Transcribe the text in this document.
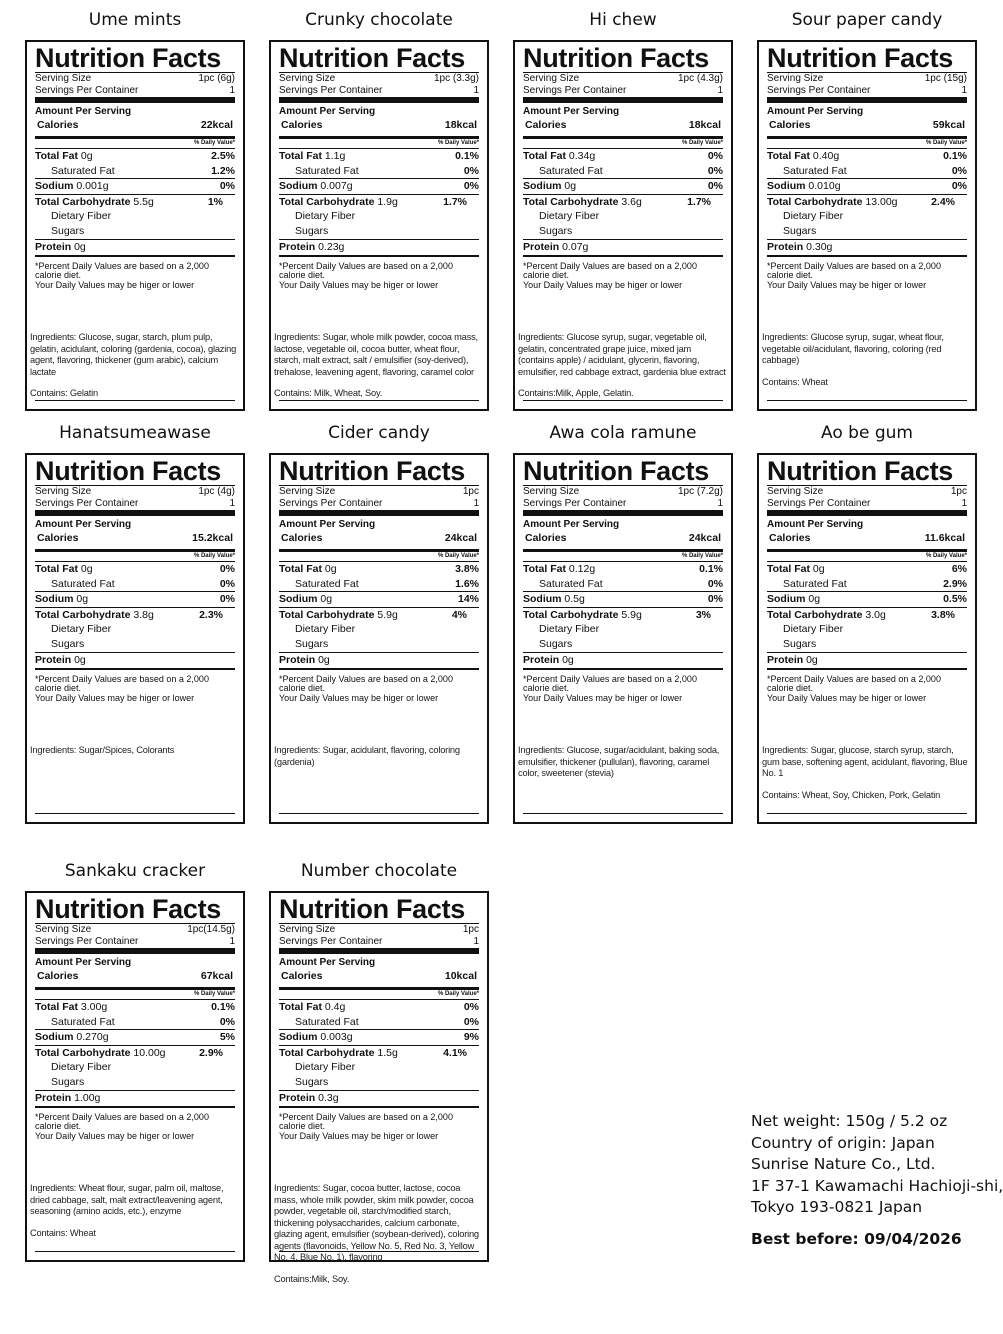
Ume mints
Nutrition Facts
Serving Size	1pc (6g)
Servings Per Container	1
Amount Per Serving
Calories	22kcal
% Daily Value*
Total Fat 0g	2.5%
Saturated Fat	1.2%
Sodium 0.001g	0%
Total Carbohydrate 5.5g	1%
Dietary Fiber
Sugars
Protein 0g
*Percent Daily Values are based on a 2,000
calorie diet.
Your Daily Values may be higer or lower
Ingredients: Glucose, sugar, starch, plum pulp, gelatin, acidulant, coloring (gardenia, cocoa), glazing agent, flavoring, thickener (gum arabic), calcium lactate
Contains: Gelatin
Crunky chocolate
Nutrition Facts
Serving Size	1pc (3.3g)
Servings Per Container	1
Amount Per Serving
Calories	18kcal
% Daily Value*
Total Fat 1.1g	0.1%
Saturated Fat	0%
Sodium 0.007g	0%
Total Carbohydrate 1.9g	1.7%
Dietary Fiber
Sugars
Protein 0.23g
*Percent Daily Values are based on a 2,000
calorie diet.
Your Daily Values may be higer or lower
Ingredients: Sugar, whole milk powder, cocoa mass, lactose, vegetable oil, cocoa butter, wheat flour, starch, malt extract, salt / emulsifier (soy-derived), trehalose, leavening agent, flavoring, caramel color
Contains: Milk, Wheat, Soy.
Hi chew
Nutrition Facts
Serving Size	1pc (4.3g)
Servings Per Container	1
Amount Per Serving
Calories	18kcal
% Daily Value*
Total Fat 0.34g	0%
Saturated Fat	0%
Sodium 0g	0%
Total Carbohydrate 3.6g	1.7%
Dietary Fiber
Sugars
Protein 0.07g
*Percent Daily Values are based on a 2,000
calorie diet.
Your Daily Values may be higer or lower
Ingredients: Glucose syrup, sugar, vegetable oil, gelatin, concentrated grape juice, mixed jam (contains apple) / acidulant, glycerin, flavoring, emulsifier, red cabbage extract, gardenia blue extract
Contains:Milk, Apple, Gelatin.
Sour paper candy
Nutrition Facts
Serving Size	1pc (15g)
Servings Per Container	1
Amount Per Serving
Calories	59kcal
% Daily Value*
Total Fat 0.40g	0.1%
Saturated Fat	0%
Sodium 0.010g	0%
Total Carbohydrate 13.00g	2.4%
Dietary Fiber
Sugars
Protein 0.30g
*Percent Daily Values are based on a 2,000
calorie diet.
Your Daily Values may be higer or lower
Ingredients: Glucose syrup, sugar, wheat flour, vegetable oil/acidulant, flavoring, coloring (red cabbage)
Contains: Wheat
Hanatsumeawase
Nutrition Facts
Serving Size	1pc (4g)
Servings Per Container	1
Amount Per Serving
Calories	15.2kcal
% Daily Value*
Total Fat 0g	0%
Saturated Fat	0%
Sodium 0g	0%
Total Carbohydrate 3.8g	2.3%
Dietary Fiber
Sugars
Protein 0g
*Percent Daily Values are based on a 2,000
calorie diet.
Your Daily Values may be higer or lower
Ingredients: Sugar/Spices, Colorants
Cider candy
Nutrition Facts
Serving Size	1pc
Servings Per Container	1
Amount Per Serving
Calories	24kcal
% Daily Value*
Total Fat 0g	3.8%
Saturated Fat	1.6%
Sodium 0g	14%
Total Carbohydrate 5.9g	4%
Dietary Fiber
Sugars
Protein 0g
*Percent Daily Values are based on a 2,000
calorie diet.
Your Daily Values may be higer or lower
Ingredients: Sugar, acidulant, flavoring, coloring (gardenia)
Awa cola ramune
Nutrition Facts
Serving Size	1pc (7.2g)
Servings Per Container	1
Amount Per Serving
Calories	24kcal
% Daily Value*
Total Fat 0.12g	0.1%
Saturated Fat	0%
Sodium 0.5g	0%
Total Carbohydrate 5.9g	3%
Dietary Fiber
Sugars
Protein 0g
*Percent Daily Values are based on a 2,000
calorie diet.
Your Daily Values may be higer or lower
Ingredients: Glucose, sugar/acidulant, baking soda, emulsifier, thickener (pullulan), flavoring, caramel color, sweetener (stevia)
Ao be gum
Nutrition Facts
Serving Size	1pc
Servings Per Container	1
Amount Per Serving
Calories	11.6kcal
% Daily Value*
Total Fat 0g	6%
Saturated Fat	2.9%
Sodium 0g	0.5%
Total Carbohydrate 3.0g	3.8%
Dietary Fiber
Sugars
Protein 0g
*Percent Daily Values are based on a 2,000
calorie diet.
Your Daily Values may be higer or lower
Ingredients: Sugar, glucose, starch syrup, starch, gum base, softening agent, acidulant, flavoring, Blue No. 1
Contains: Wheat, Soy, Chicken, Pork, Gelatin
Sankaku cracker
Nutrition Facts
Serving Size	1pc(14.5g)
Servings Per Container	1
Amount Per Serving
Calories	67kcal
% Daily Value*
Total Fat 3.00g	0.1%
Saturated Fat	0%
Sodium 0.270g	5%
Total Carbohydrate 10.00g	2.9%
Dietary Fiber
Sugars
Protein 1.00g
*Percent Daily Values are based on a 2,000
calorie diet.
Your Daily Values may be higer or lower
Ingredients: Wheat flour, sugar, palm oil, maltose, dried cabbage, salt, malt extract/leavening agent, seasoning (amino acids, etc.), enzyme
Contains: Wheat
Number chocolate
Nutrition Facts
Serving Size	1pc
Servings Per Container	1
Amount Per Serving
Calories	10kcal
% Daily Value*
Total Fat 0.4g	0%
Saturated Fat	0%
Sodium 0.003g	9%
Total Carbohydrate 1.5g	4.1%
Dietary Fiber
Sugars
Protein 0.3g
*Percent Daily Values are based on a 2,000
calorie diet.
Your Daily Values may be higer or lower
Ingredients: Sugar, cocoa butter, lactose, cocoa mass, whole milk powder, skim milk powder, cocoa powder, vegetable oil, starch/modified starch, thickening polysaccharides, calcium carbonate, glazing agent, emulsifier (soybean-derived), coloring agents (flavonoids, Yellow No. 5, Red No. 3, Yellow No. 4, Blue No. 1), flavoring
Contains:Milk, Soy.
Net weight: 150g / 5.2 oz
Country of origin: Japan
Sunrise Nature Co., Ltd.
1F 37-1 Kawamachi Hachioji-shi,
Tokyo 193-0821 Japan
Best before: 09/04/2026
